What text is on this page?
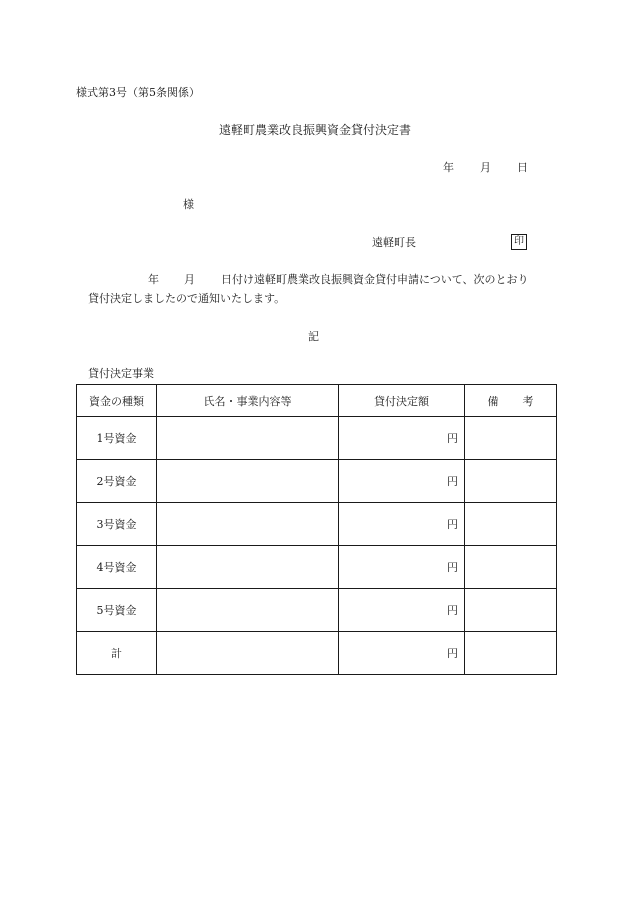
様式第3号（第5条関係）
遠軽町農業改良振興資金貸付決定書
年 月 日
様
遠軽町長	印
年 月 日付け遠軽町農業改良振興資金貸付申請について、次のとおり
貸付決定しましたので通知いたします。
記
貸付決定事業
資金の種類	氏名・事業内容等	貸付決定額	備 考
1号資金		円	
2号資金		円	
3号資金		円	
4号資金		円	
5号資金		円	
計		円	
